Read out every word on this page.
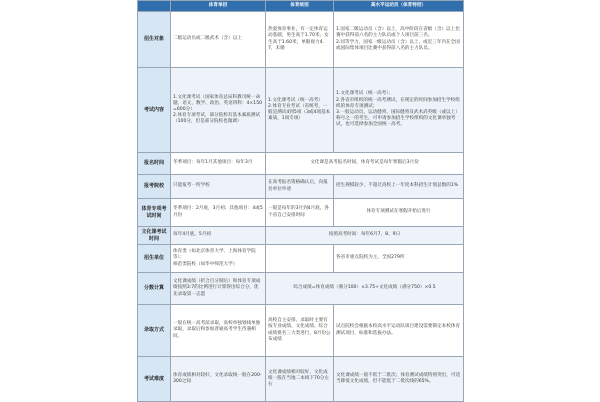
	体育单招	体育统招	高水平运动员（体育特招）
招生对象	二级运动员或二级武术（含）以上	热爱体育事业，有一定体育运动基础，男生高于1.70米，女生高于1.60米，单眼视力4.7，未婚	1.国家二级运动员（含）以上，高中阶段在省级（含）以上比赛中获得前六名的主力队员或个人项目前三名。
2.同等学力，国家一级运动员（含）以上，或近三年内在全国或国际集体项目比赛中获得前八名的主力队员。
考试内容	1.文化课考试（国家体育总局科教司统一命题，语文、数学、政治、英语四科：4×150=600分）
2.体育专项考试，部分院校有基本素质测试（100分，但是部分院校也微调）	1.文化课考试（统一高考）
2.体育专业考试（省统考，一般是测试4到5项（3或4项基本素质，1项专项）	1.文化课考试（统一高考）；
2.各省市组织的统一高考测试，在规定的时间参加招生学校组织的体育专项测试；
3.一般运动员、运动健将、国际健将及武术武英级（或以上）称号之一的考生，可申请参加招生学校组织的文化课单独考试，也可选择参加全国统一高考。
报名时间	冬季项目：每年1月其他项目：每年3月	文化课是高考报名时间，体育考试是每年寒假后3月份	
报考院校	只能报考一所学校	在高考报名资格确认后，向报名单位申请	招生规模较少，不超过高校上一年度本科招生计划总数的1%
体育专项考试时间	冬季项目：2月底，3月初；其他项目：4或5月份	一般是每年的3月到4月底，各个省自己安排时间	体育专项测试在寒假开始后进行
文化课考试时间	每年4月底，5月初	按照高考时间：每年6月7、8、9日	
招生单位	体育类（如北京体育大学、上海体育学院等）；
师范类院校（如华中师范大学）		各省市重点院校为主，全国279所
分数计算	文化课成绩（折合百分制后）和体育专项成绩按照3:7的比例进行计算得出综合分，优先录取第一志愿	综合成绩=体育成绩（满分100）×3.75+文化成绩（满分750）×0.5	
录取方式	一般在统一高考前录取，高校单独划线单独录取，录取后和参加普通高考学生待遇相同。	高校自主安排，录取时主要有按专业成绩、文化成绩、综合成绩排名三大类进行，8月份公布成绩	试点院校会根据本校高水平运动队项目建设需要制定本校体育测试项目，标准和选拔办法。
考试难度	体育成绩相对较好，文化录取线一般在200-300之间	文化课成绩相对较好，文化成绩一般在当地二本线下70分左右	文化课成绩一般不低于二批次；体育测试成绩特别突出，可适当降低文化成绩，但不能低于二批次线的65%。
